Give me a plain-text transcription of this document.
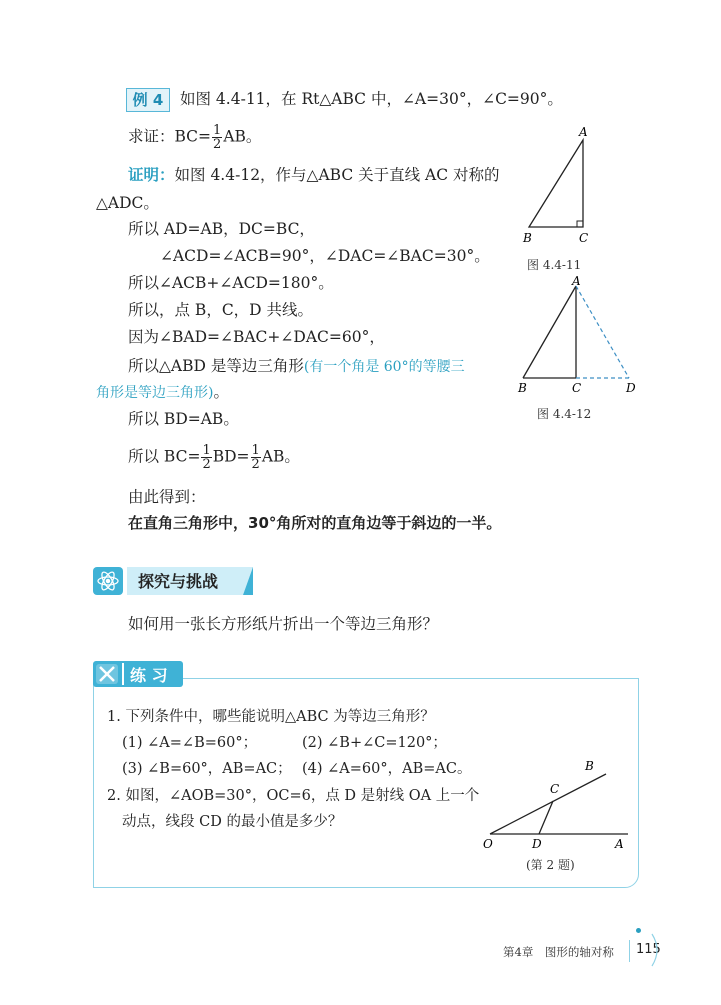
例 4	如图 4.4-11，在 Rt△ABC 中，∠A=30°，∠C=90°。
求证：$BC= \frac{1}{2}$ AB。
证明：如图 4.4-12，作与△ABC 关于直线 AC 对称的
△ADC。
所以 AD=AB，DC=BC，
∠ACD=∠ACB=90°，∠DAC=∠BAC=30°。
所以∠ACB+∠ACD=180°。
所以，点 B，C，D 共线。
因为∠BAD=∠BAC+∠DAC=60°，
所以△ABD 是等边三角形(有一个角是 60°的等腰三
角形是等边三角形)。
所以 BD=AB。
所以 $BC= \frac{1}{2} BD= \frac{1}{2}$ AB。
由此得到：
在直角三角形中，30°角所对的直角边等于斜边的一半。
A
B	C
图 4.4-11
A
B	C	D
图 4.4-12
探究与挑战
如何用一张长方形纸片折出一个等边三角形？
练 习
1. 下列条件中，哪些能说明△ABC 为等边三角形？
(1) ∠A=∠B=60°；	(2) ∠B+∠C=120°；
(3) ∠B=60°，AB=AC； (4) ∠A=60°，AB=AC。
2. 如图，∠AOB=30°，OC=6，点 D 是射线 OA 上一个
动点，线段 CD 的最小值是多少？
O	D	A
C
B
(第 2 题)
第4章　图形的轴对称 115
